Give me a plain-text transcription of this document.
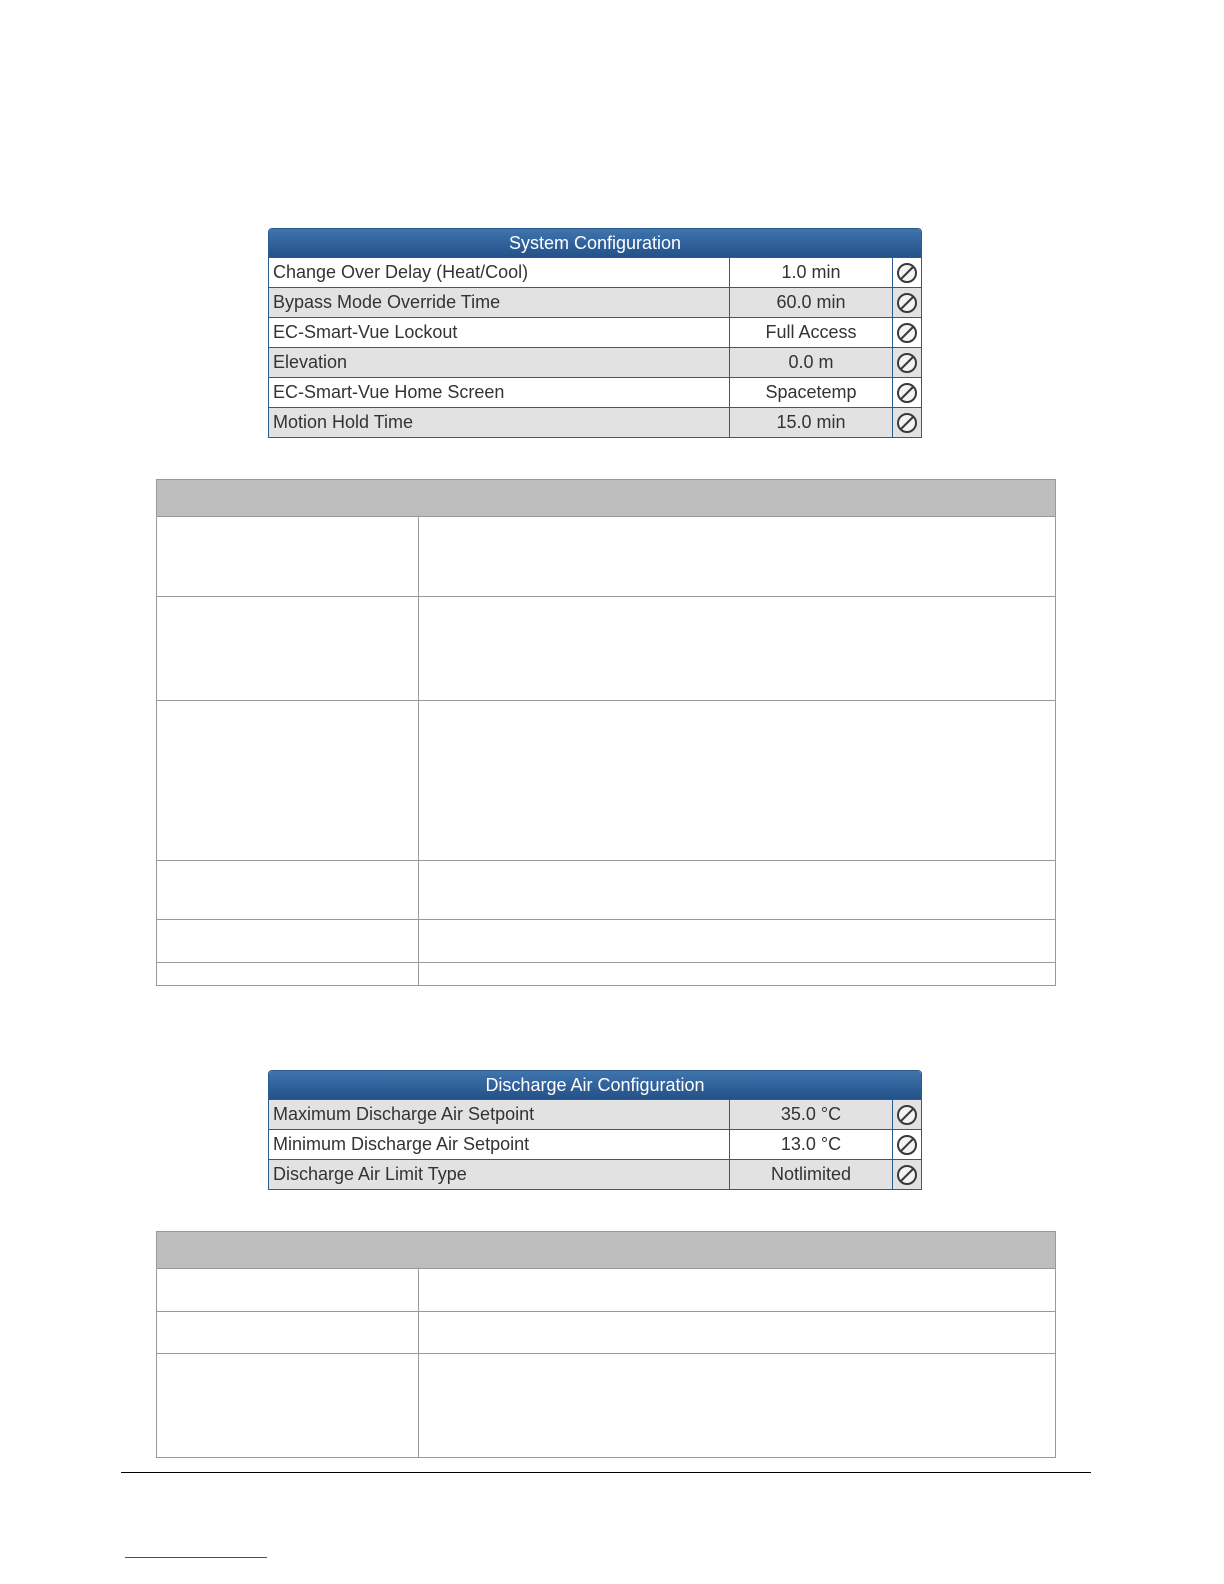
System Configuration
Change Over Delay (Heat/Cool)	1.0 min
Bypass Mode Override Time	60.0 min
EC-Smart-Vue Lockout	Full Access
Elevation	0.0 m
EC-Smart-Vue Home Screen	Spacetemp
Motion Hold Time	15.0 min
Discharge Air Configuration
Maximum Discharge Air Setpoint	35.0 °C
Minimum Discharge Air Setpoint	13.0 °C
Discharge Air Limit Type	Notlimited
